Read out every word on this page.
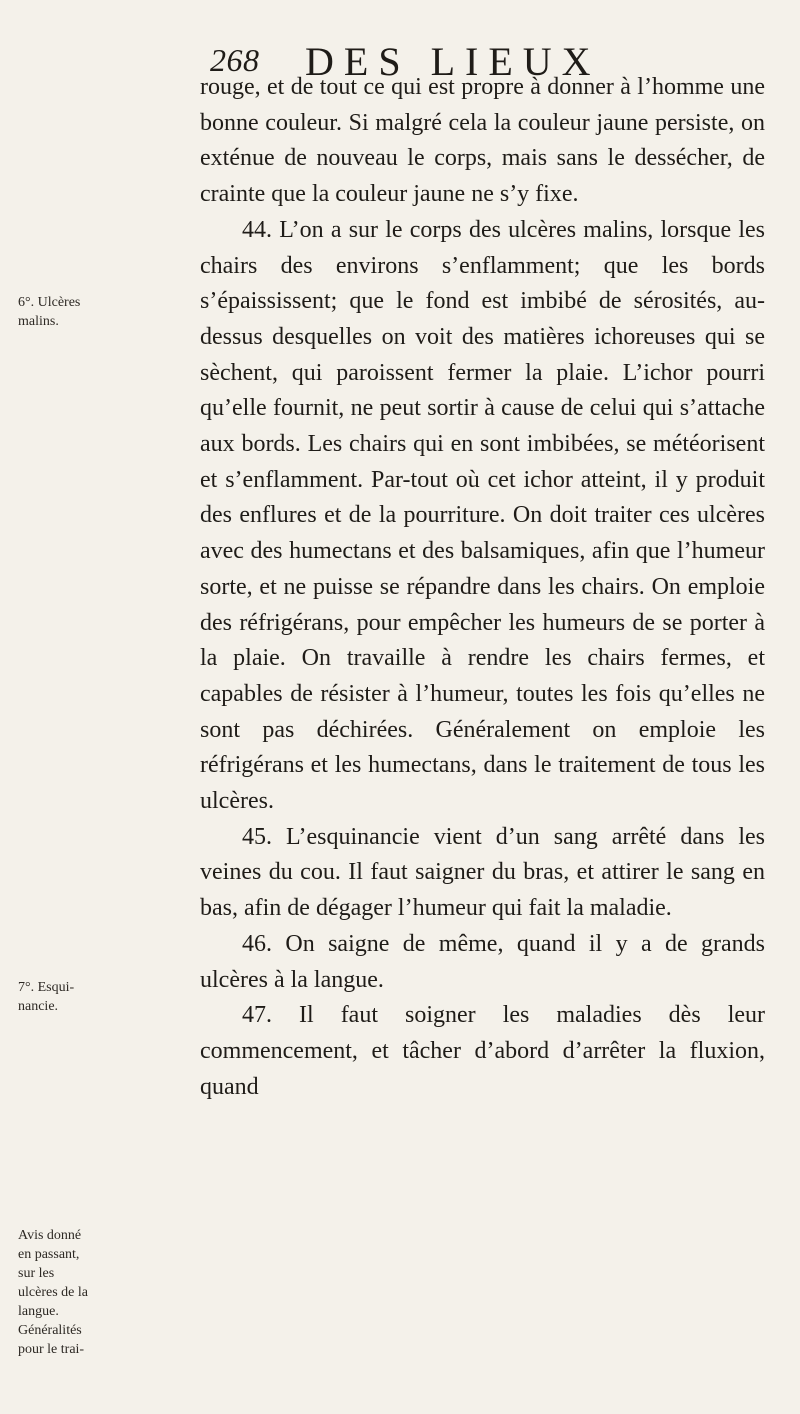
268 DES LIEUX
6°. Ulcères malins.
7°. Esqui-nancie.
Avis donné en passant, sur les ulcères de la langue. Généralités pour le trai-

rouge, et de tout ce qui est propre à donner à l’homme une bonne couleur. Si malgré cela la couleur jaune persiste, on exténue de nouveau le corps, mais sans le dessécher, de crainte que la couleur jaune ne s’y fixe.

44. L’on a sur le corps des ulcères malins, lorsque les chairs des environs s’enflamment; que les bords s’épaississent; que le fond est imbibé de sérosités, au-dessus desquelles on voit des matières ichoreuses qui se sèchent, qui paroissent fermer la plaie. L’ichor pourri qu’elle fournit, ne peut sortir à cause de celui qui s’attache aux bords. Les chairs qui en sont imbibées, se météorisent et s’enflamment. Par-tout où cet ichor atteint, il y produit des enflures et de la pourriture. On doit traiter ces ulcères avec des humectans et des balsamiques, afin que l’humeur sorte, et ne puisse se répandre dans les chairs. On emploie des réfrigérans, pour empêcher les humeurs de se porter à la plaie. On travaille à rendre les chairs fermes, et capables de résister à l’humeur, toutes les fois qu’elles ne sont pas déchirées. Généralement on emploie les réfrigérans et les humectans, dans le traitement de tous les ulcères.

45. L’esquinancie vient d’un sang arrêté dans les veines du cou. Il faut saigner du bras, et attirer le sang en bas, afin de dégager l’humeur qui fait la maladie.

46. On saigne de même, quand il y a de grands ulcères à la langue.

47. Il faut soigner les maladies dès leur commencement, et tâcher d’abord d’arrêter la fluxion, quand
